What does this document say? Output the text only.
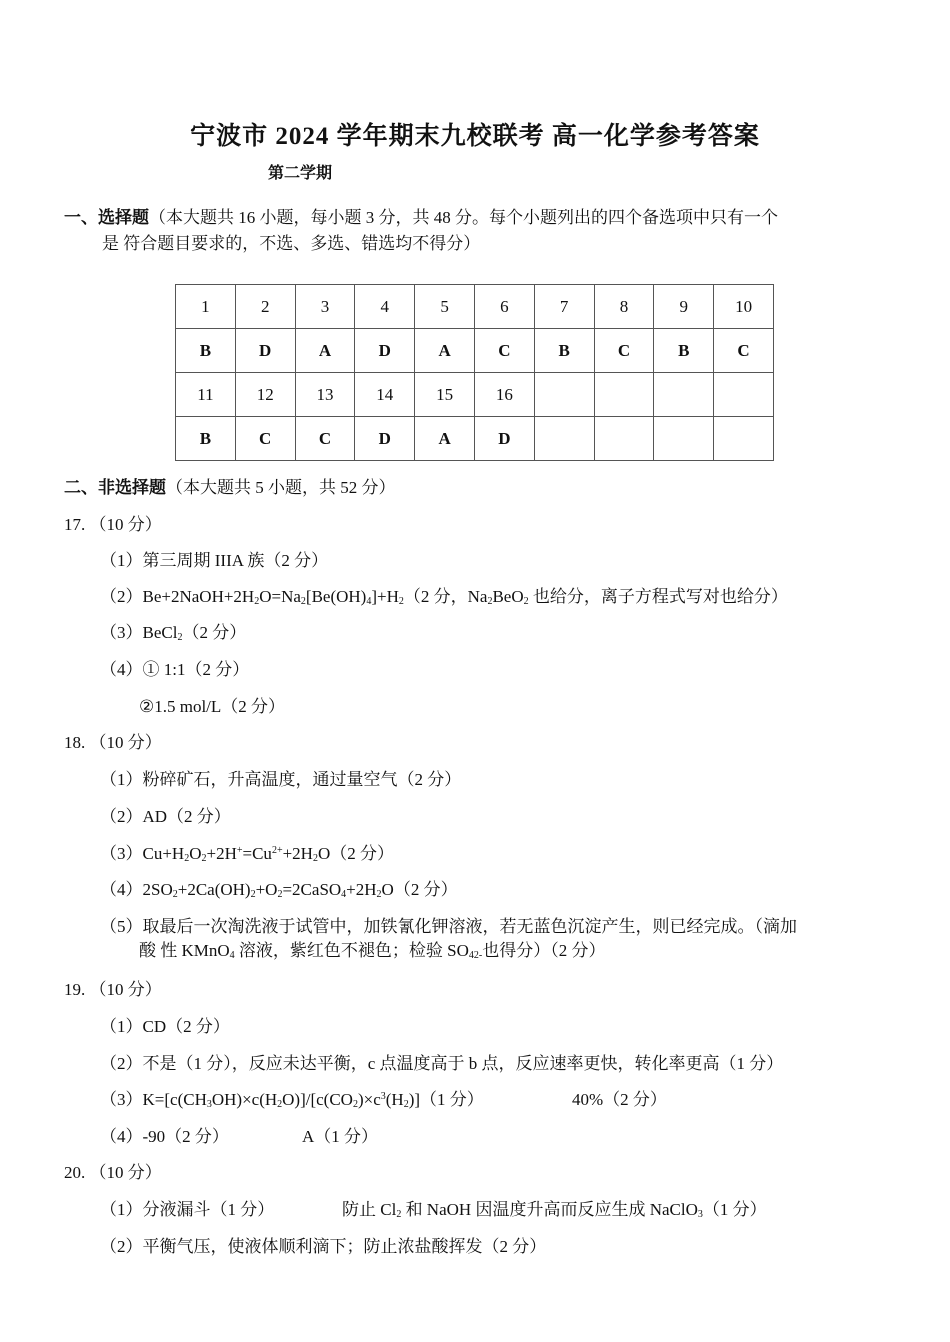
宁波市 2024 学年期末九校联考 高一化学参考答案
第二学期
一、选择题（本大题共 16 小题，每小题 3 分，共 48 分。每个小题列出的四个备选项中只有一个
是 符合题目要求的，不选、多选、错选均不得分）
1	2	3	4	5	6	7	8	9	10
B	D	A	D	A	C	B	C	B	C
11	12	13	14	15	16				
B	C	C	D	A	D				
二、非选择题（本大题共 5 小题，共 52 分）
17. （10 分）
（1）第三周期 IIIA 族（2 分）
$(2)Be+2NaOH+2H_2O=Na_2[Be(OH)_4]+H_2(2$ 分，$Na_2BeO_2$ 也给分，离子方程式写对也给分）
（3）BeCl$_2$（2 分）
（4）① 1:1（2 分）
②1.5 mol/L（2 分）
18. （10 分）
（1）粉碎矿石，升高温度，通过量空气（2 分）
（2）AD（2 分）
$(3)Cu+H_2O_2+2H^+=Cu^{2+}+2H_2O(2$ 分）
$(4)2SO_2+2Ca(OH)_2+O_2=2CaSO_4+2H_2O(2$ 分）
（5）取最后一次淘洗液于试管中，加铁氰化钾溶液，若无蓝色沉淀产生，则已经完成。（滴加
酸 性 KMnO$_4$ 溶液，紫红色不褪色；检验 $SO_{42-}$也得分）（2 分）
19. （10 分）
（1）CD（2 分）
（2）不是（1 分），反应未达平衡，c 点温度高于 b 点，反应速率更快，转化率更高（1 分）
$(3)K=[c(CH_3OH)\times c(H_2O)]/[c(CO_2)\times c^3(H_2)](1$ 分）	40%（2 分）
（4）-90（2 分）	A（1 分）
20. （10 分）
（1）分液漏斗（1 分）	防止 $Cl_2$ 和 NaOH 因温度升高而反应生成 NaClO$_3$（1 分）
（2）平衡气压，使液体顺利滴下；防止浓盐酸挥发（2 分）
